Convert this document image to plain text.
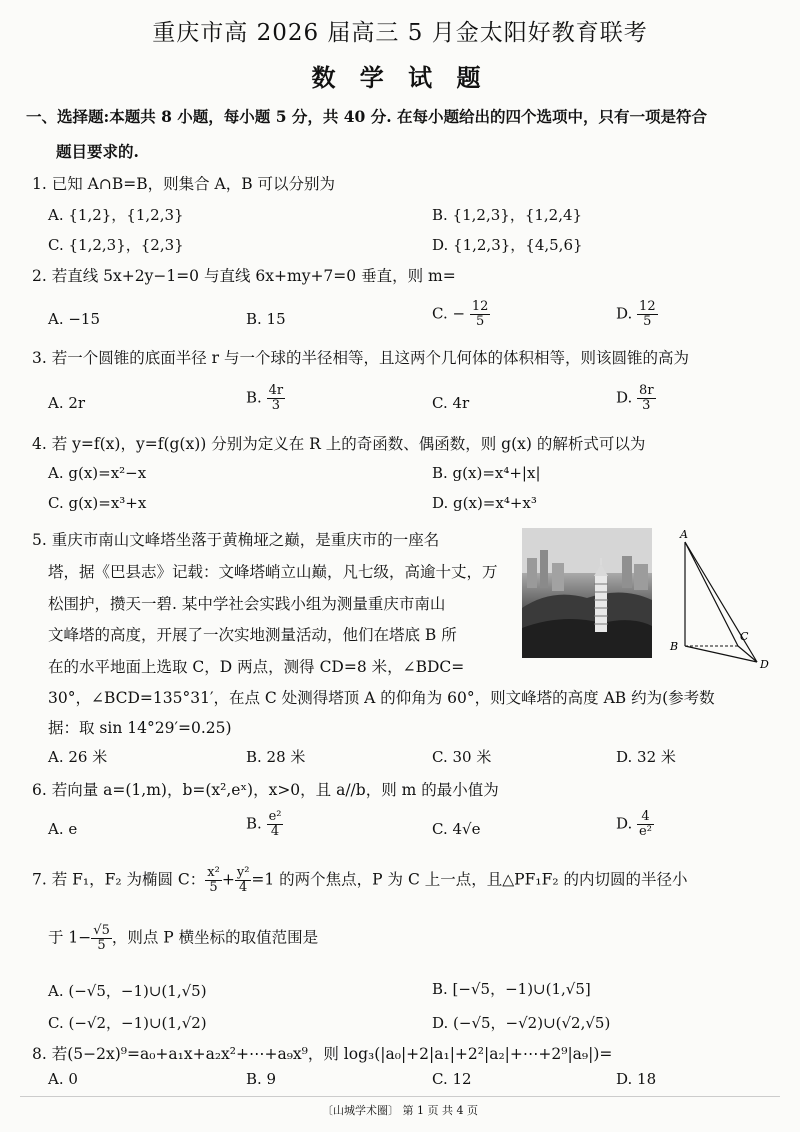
重庆市高 2026 届高三 5 月金太阳好教育联考
数 学 试 题
一、选择题:本题共 8 小题，每小题 5 分，共 40 分. 在每小题给出的四个选项中，只有一项是符合
题目要求的.
1. 已知 A∩B=B，则集合 A，B 可以分别为
A. {1,2}，{1,2,3}	B. {1,2,3}，{1,2,4}
C. {1,2,3}，{2,3}	D. {1,2,3}，{4,5,6}
2. 若直线 5x+2y−1=0 与直线 6x+my+7=0 垂直，则 m=
A. −15	B. 15	C. − $\frac{12}{5}$	D. $\frac{12}{5}$
3. 若一个圆锥的底面半径 r 与一个球的半径相等，且这两个几何体的体积相等，则该圆锥的高为
A. 2r	B. $\frac{4r}{3}$	C. 4r	D. $\frac{8r}{3}$
4. 若 y=f(x)，y=f(g(x)) 分别为定义在 R 上的奇函数、偶函数，则 g(x) 的解析式可以为
A. g(x)=x²−x	B. g(x)=x⁴+|x|
C. g(x)=x³+x	D. g(x)=x⁴+x³
5. 重庆市南山文峰塔坐落于黄桷垭之巅，是重庆市的一座名
塔，据《巴县志》记载：文峰塔峭立山巅，凡七级，高逾十丈，万
松围护，攒天一碧. 某中学社会实践小组为测量重庆市南山
文峰塔的高度，开展了一次实地测量活动，他们在塔底 B 所
在的水平地面上选取 C，D 两点，测得 CD=8 米，∠BDC=
30°，∠BCD=135°31′，在点 C 处测得塔顶 A 的仰角为 60°，则文峰塔的高度 AB 约为(参考数
据：取 sin 14°29′=0.25)
A
B
C
D
A. 26 米	B. 28 米	C. 30 米	D. 32 米
6. 若向量 a=(1,m)，b=(x²,eˣ)，x>0，且 a//b，则 m 的最小值为
A. e	B. $\frac{\text{e²}}{4}$	C. 4√e	D. $\frac{4}{\text{e²}}$
7. 若 F₁，F₂ 为椭圆 C： $\frac{\text{x²}}{5} + \frac{\text{y²}}{4} =1$ 的两个焦点，P 为 C 上一点，且△PF₁F₂ 的内切圆的半径小
于 $1- \frac{√5}{5}$ ，则点 P 横坐标的取值范围是
A. (−√5，−1)∪(1,√5)	B. [−√5，−1)∪(1,√5]
C. (−√2，−1)∪(1,√2)	D. (−√5，−√2)∪(√2,√5)
8. 若(5−2x)⁹=a₀+a₁x+a₂x²+⋯+a₉x⁹，则 log₃(|a₀|+2|a₁|+2²|a₂|+⋯+2⁹|a₉|)=
A. 0	B. 9	C. 12	D. 18
〔山城学术圈〕 第 1 页 共 4 页
